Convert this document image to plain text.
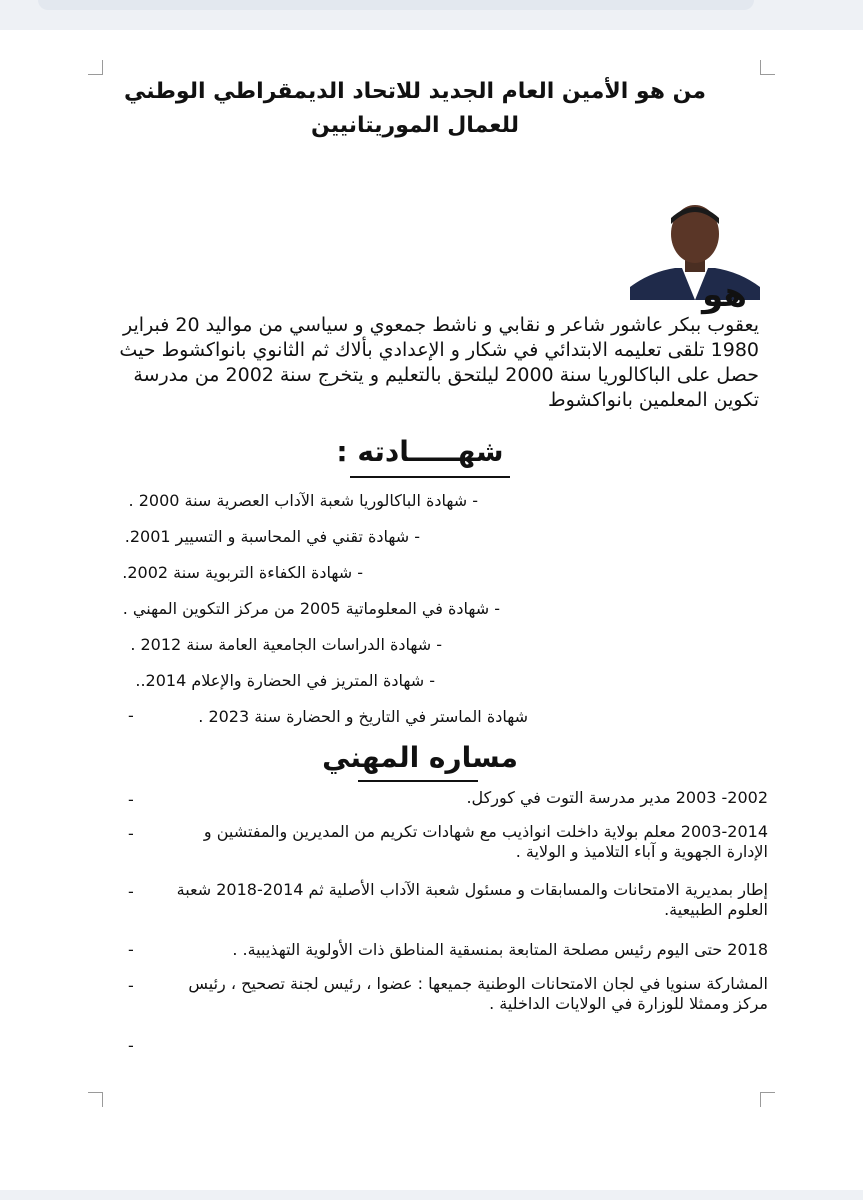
من هو الأمين العام الجديد للاتحاد الديمقراطي الوطني للعمال الموريتانيين
هو
يعقوب ببكر عاشور شاعر و نقابي و ناشط جمعوي و سياسي من مواليد 20 فبراير 1980 تلقى تعليمه الابتدائي في شكار و الإعدادي بألاك ثم الثانوي بانواكشوط حيث حصل على الباكالوريا سنة 2000 ليلتحق بالتعليم و يتخرج سنة 2002 من مدرسة تكوين المعلمين بانواكشوط
شهـــــادته :
- شهادة الباكالوريا شعبة الآداب العصرية سنة 2000 .
- شهادة تقني في المحاسبة و التسيير 2001.
- شهادة الكفاءة التربوية سنة 2002.
- شهادة في المعلوماتية 2005 من مركز التكوين المهني .
- شهادة الدراسات الجامعية العامة سنة 2012 .
- شهادة المتريز في الحضارة والإعلام 2014..
شهادة الماستر في التاريخ و الحضارة سنة 2023 .
-
مساره المهني
-	2002- 2003 مدير مدرسة التوت في كوركل.
-	2003-2014 معلم بولاية داخلت انواذيب مع شهادات تكريم من المديرين والمفتشين و الإدارة الجهوية و آباء التلاميذ و الولاية .
-	إطار بمديرية الامتحانات والمسابقات و مسئول شعبة الآداب الأصلية ثم 2014-2018 شعبة العلوم الطبيعية.
-	2018 حتى اليوم رئيس مصلحة المتابعة بمنسقية المناطق ذات الأولوية التهذيبية. .
-	المشاركة سنويا في لجان الامتحانات الوطنية جميعها : عضوا ، رئيس لجنة تصحيح ، رئيس مركز وممثلا للوزارة في الولايات الداخلية .
-
